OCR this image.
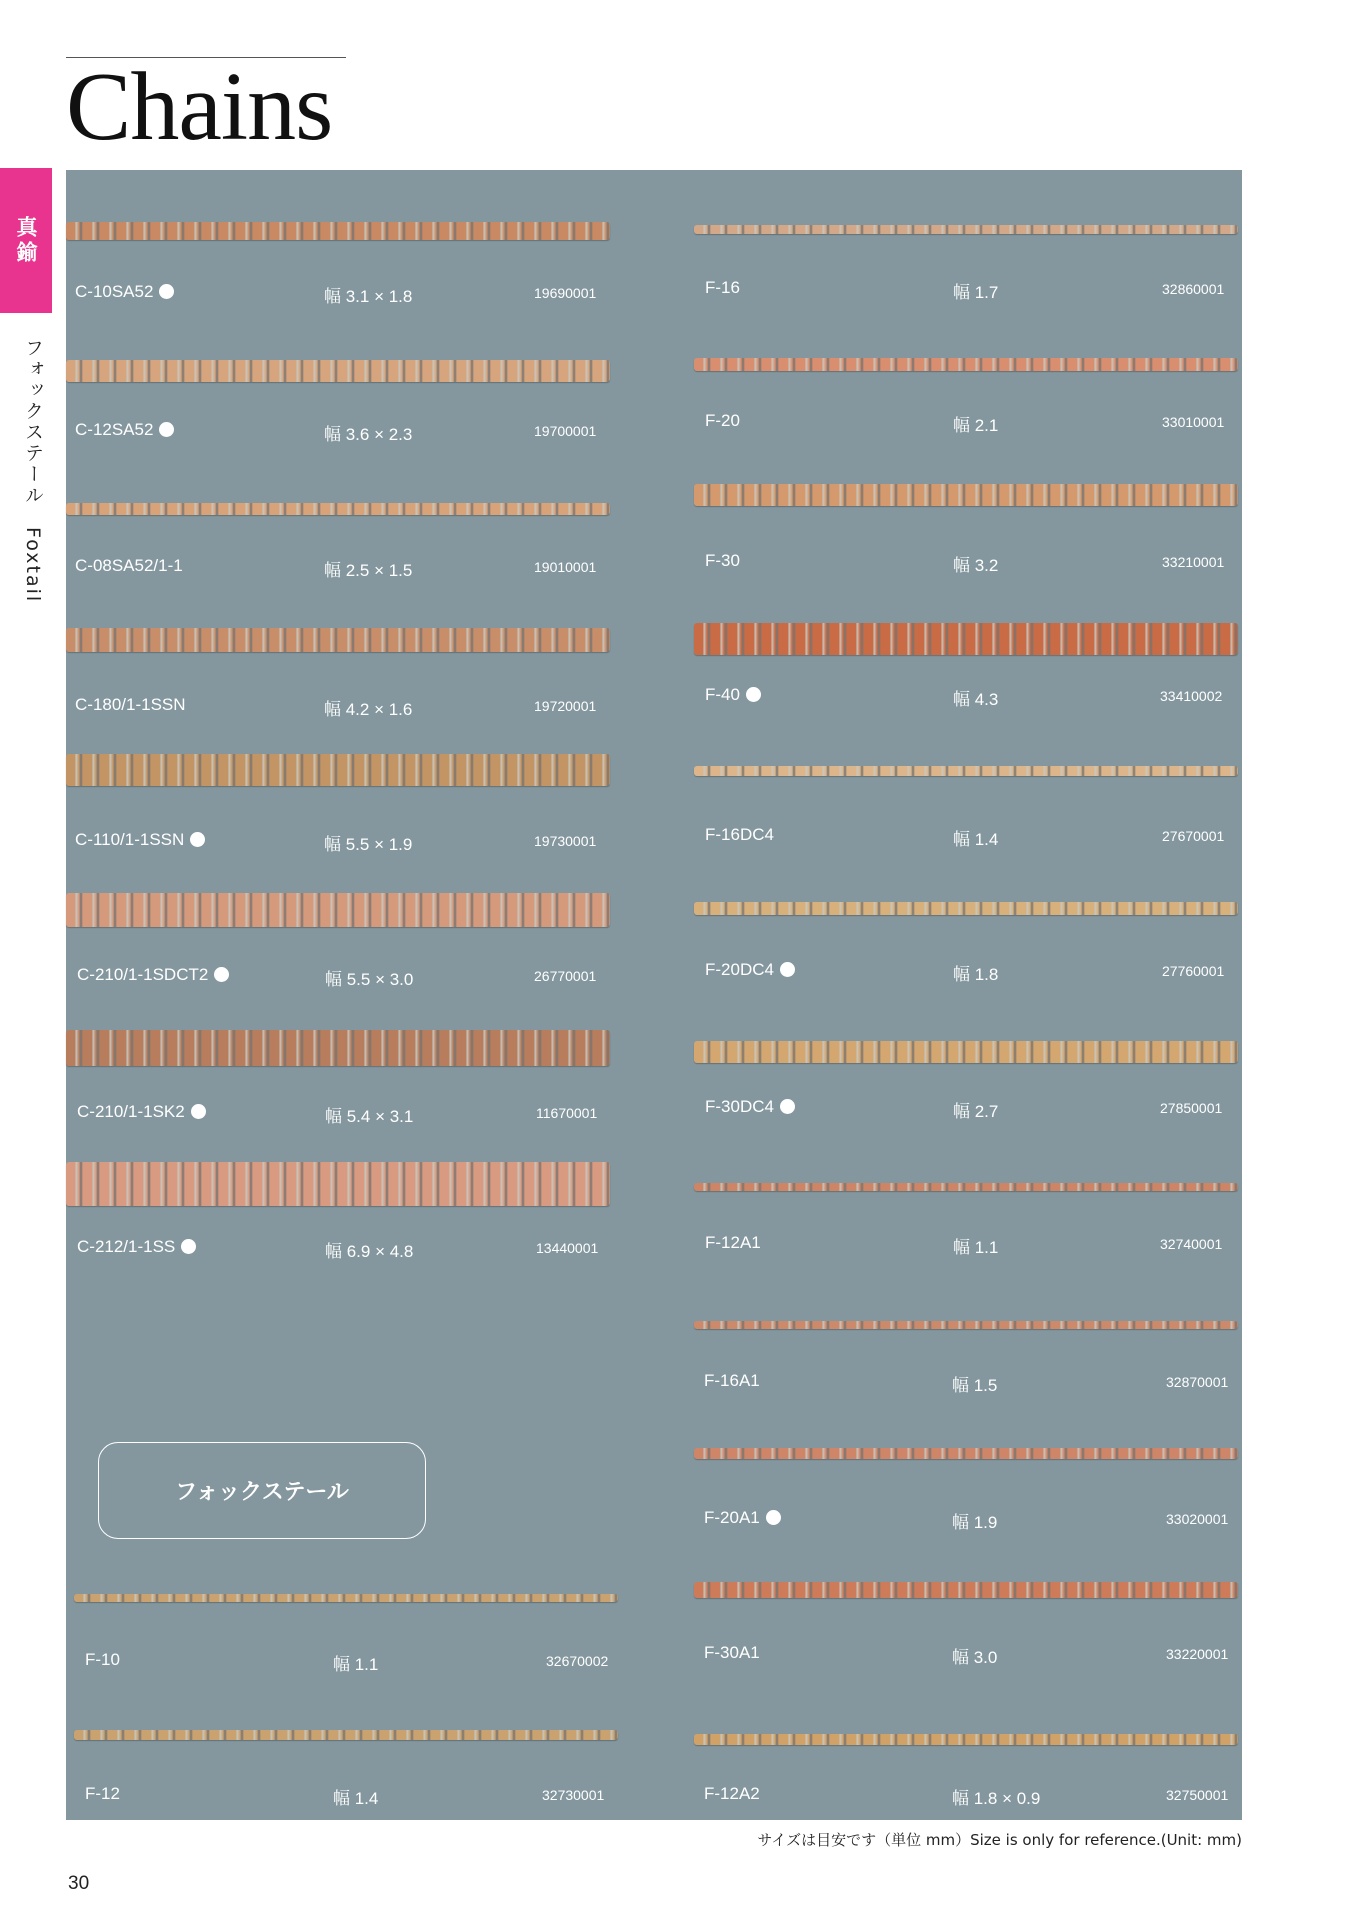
Chains
真鍮
フォックステール　Foxtail
C-10SA52	幅 3.1 × 1.8	19690001
C-12SA52	幅 3.6 × 2.3	19700001
C-08SA52/1-1	幅 2.5 × 1.5	19010001
C-180/1-1SSN	幅 4.2 × 1.6	19720001
C-110/1-1SSN	幅 5.5 × 1.9	19730001
C-210/1-1SDCT2	幅 5.5 × 3.0	26770001
C-210/1-1SK2	幅 5.4 × 3.1	11670001
C-212/1-1SS	幅 6.9 × 4.8	13440001
F-10	幅 1.1	32670002
F-12	幅 1.4	32730001
F-16	幅 1.7	32860001
F-20	幅 2.1	33010001
F-30	幅 3.2	33210001
F-40	幅 4.3	33410002
F-16DC4	幅 1.4	27670001
F-20DC4	幅 1.8	27760001
F-30DC4	幅 2.7	27850001
F-12A1	幅 1.1	32740001
F-16A1	幅 1.5	32870001
F-20A1	幅 1.9	33020001
F-30A1	幅 3.0	33220001
F-12A2	幅 1.8 × 0.9	32750001
フォックステール
サイズは目安です（単位 mm）Size is only for reference.(Unit: mm)
30
